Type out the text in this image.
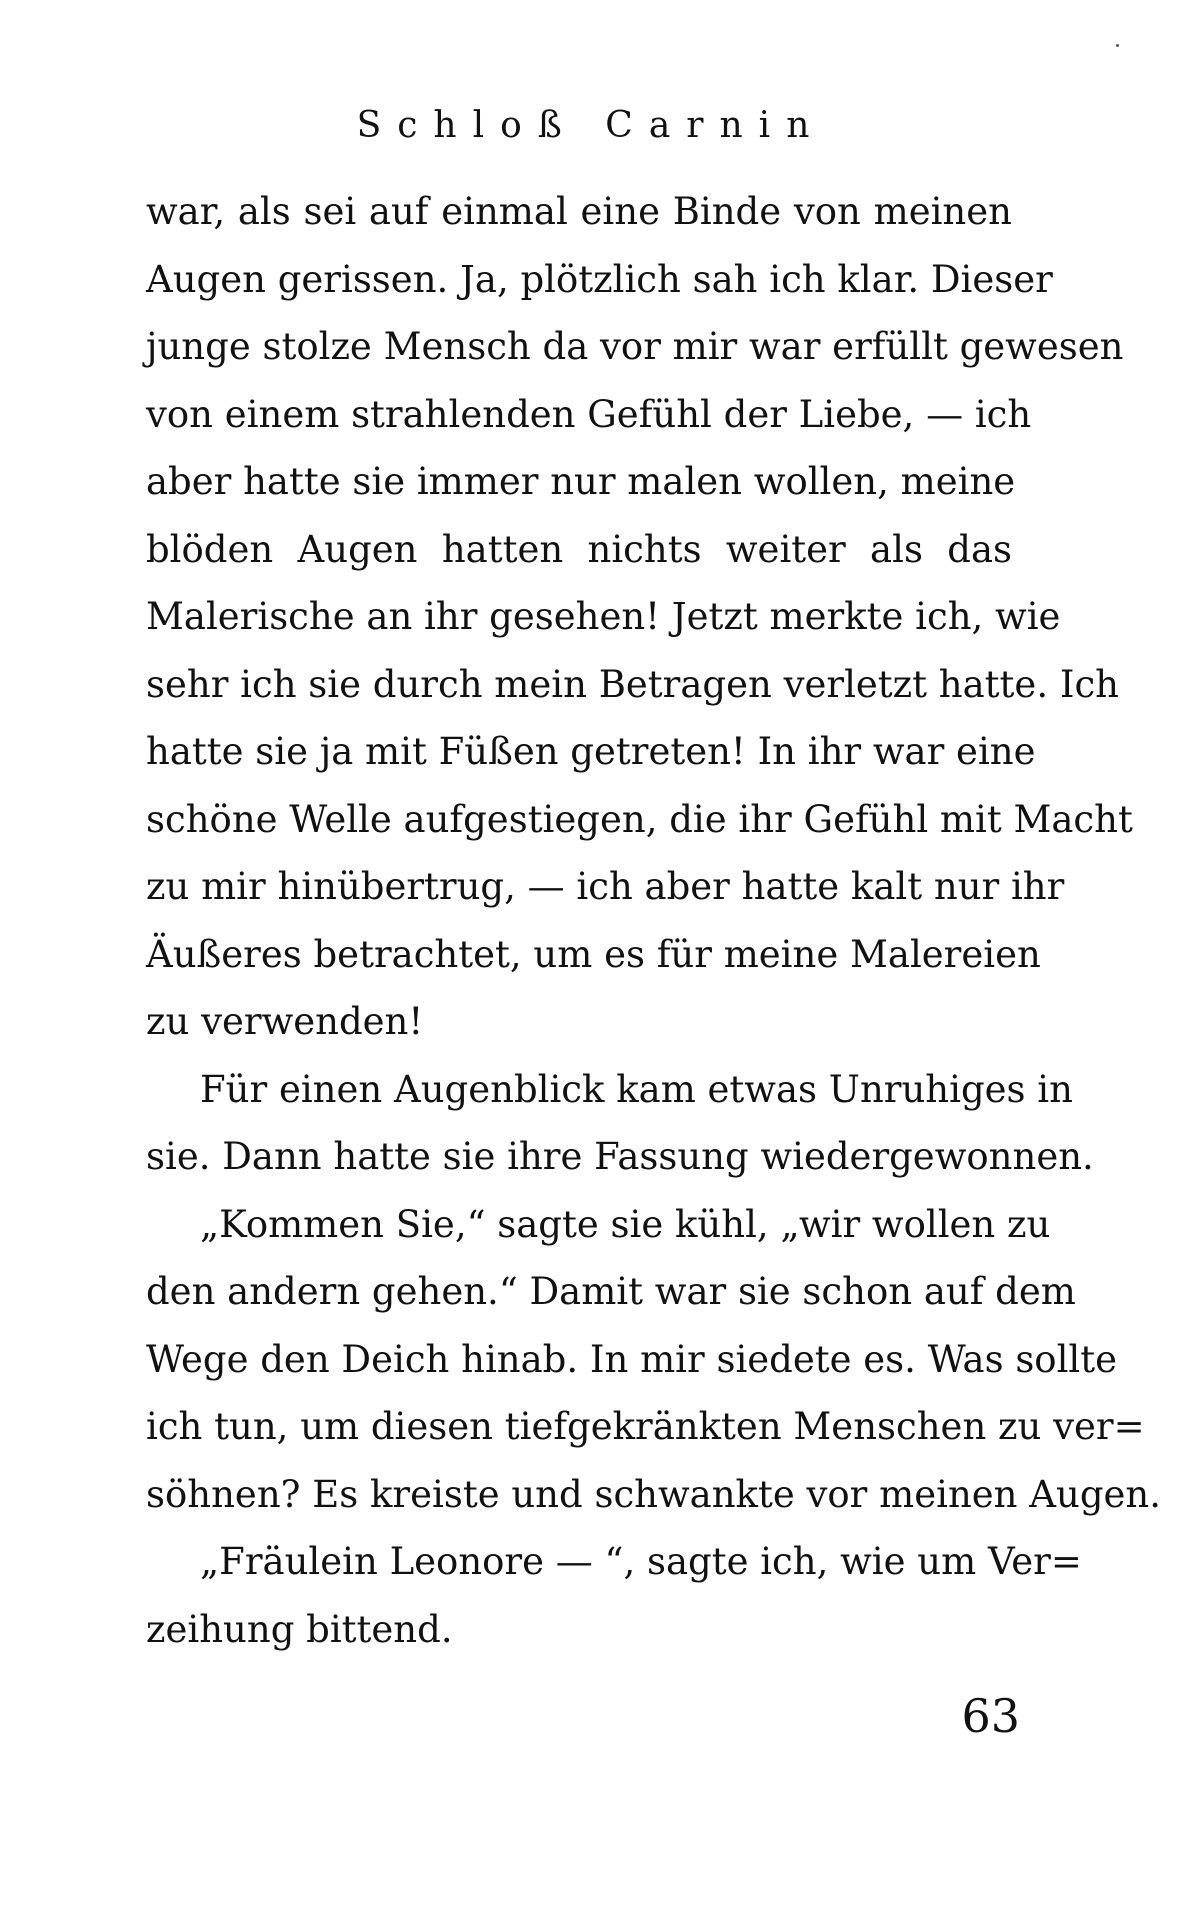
Schloß Carnin
war, als sei auf einmal eine Binde von meinen
Augen gerissen. Ja, plötzlich sah ich klar. Dieser
junge stolze Mensch da vor mir war erfüllt gewesen
von einem strahlenden Gefühl der Liebe, — ich
aber hatte sie immer nur malen wollen, meine
blöden Augen hatten nichts weiter als das
Malerische an ihr gesehen! Jetzt merkte ich, wie
sehr ich sie durch mein Betragen verletzt hatte. Ich
hatte sie ja mit Füßen getreten! In ihr war eine
schöne Welle aufgestiegen, die ihr Gefühl mit Macht
zu mir hinübertrug, — ich aber hatte kalt nur ihr
Äußeres betrachtet, um es für meine Malereien
zu verwenden!
Für einen Augenblick kam etwas Unruhiges in
sie. Dann hatte sie ihre Fassung wiedergewonnen.
„Kommen Sie,“ sagte sie kühl, „wir wollen zu
den andern gehen.“ Damit war sie schon auf dem
Wege den Deich hinab. In mir siedete es. Was sollte
ich tun, um diesen tiefgekränkten Menschen zu ver=
söhnen? Es kreiste und schwankte vor meinen Augen.
„Fräulein Leonore — “, sagte ich, wie um Ver=
zeihung bittend.
63
